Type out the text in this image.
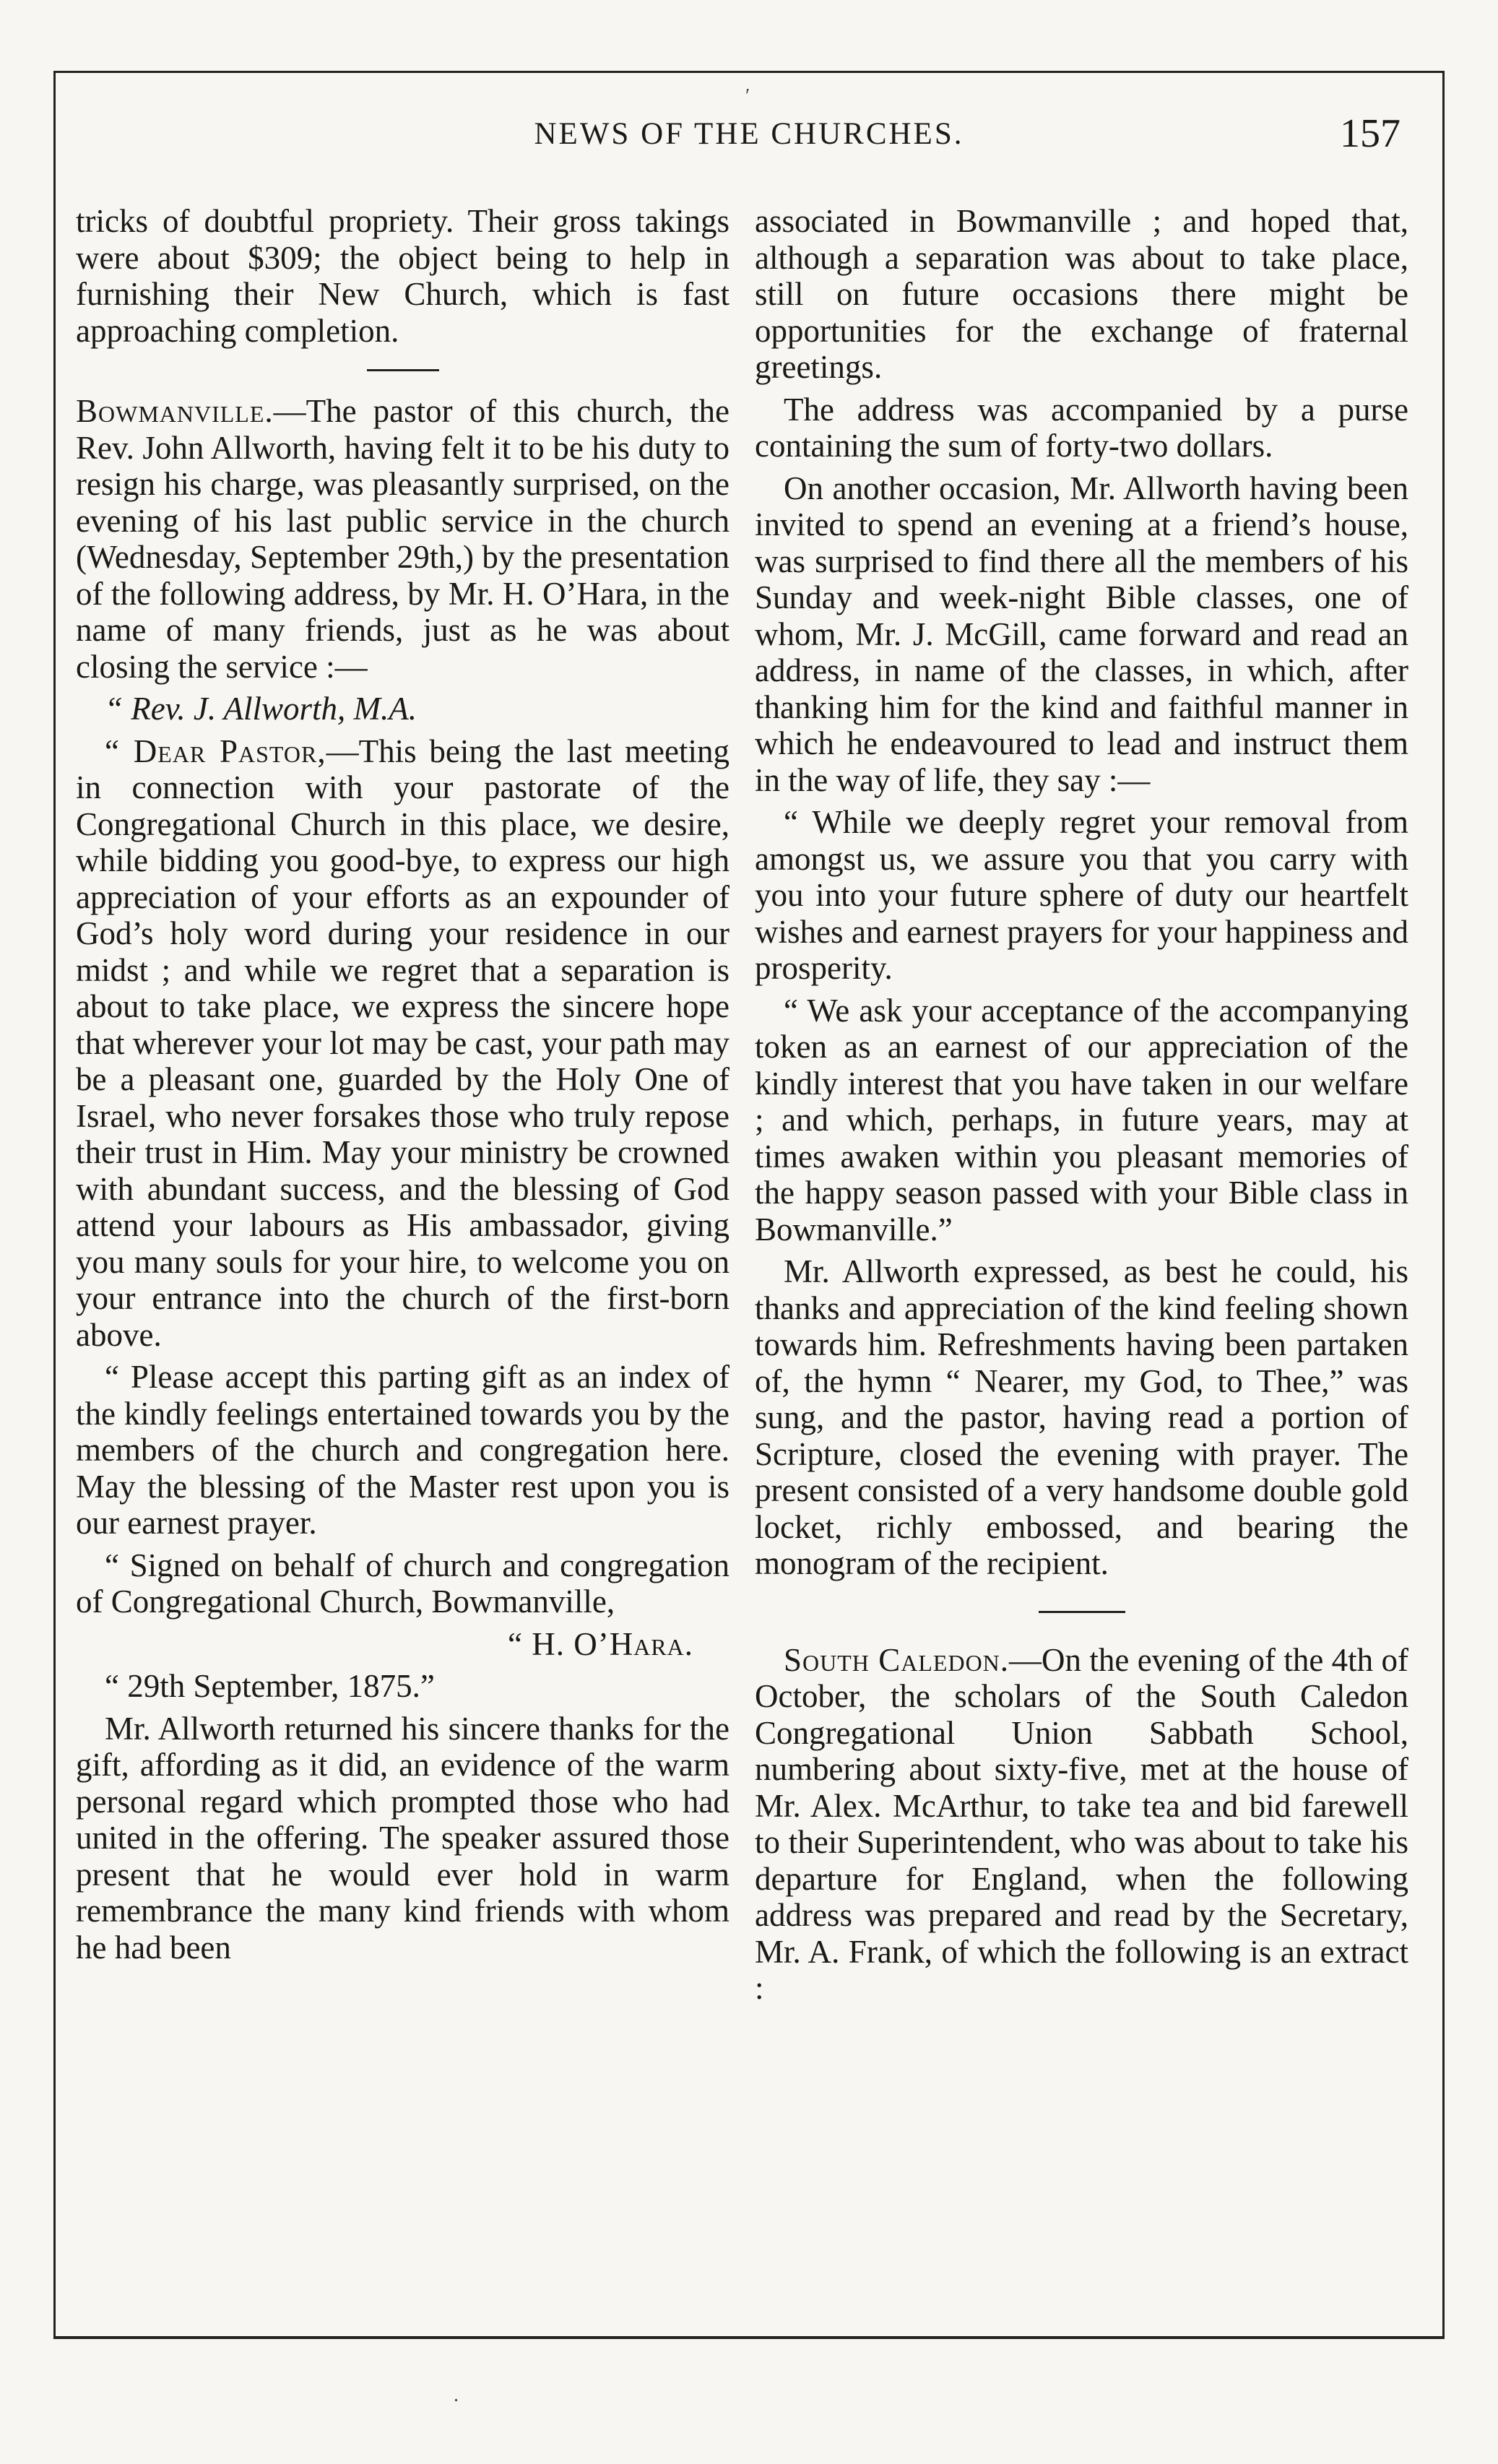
NEWS OF THE CHURCHES.	157

tricks of doubtful propriety. Their gross takings were about $309; the object being to help in furnishing their New Church, which is fast approaching completion.

Bowmanville.—The pastor of this church, the Rev. John Allworth, having felt it to be his duty to resign his charge, was pleasantly surprised, on the evening of his last public service in the church (Wednesday, September 29th,) by the presentation of the following address, by Mr. H. O’Hara, in the name of many friends, just as he was about closing the service :—

“ Rev. J. Allworth, M.A.

“ Dear Pastor,—This being the last meeting in connection with your pastorate of the Congregational Church in this place, we desire, while bidding you good-bye, to express our high appreciation of your efforts as an expounder of God’s holy word during your residence in our midst ; and while we regret that a separation is about to take place, we express the sincere hope that wherever your lot may be cast, your path may be a pleasant one, guarded by the Holy One of Israel, who never forsakes those who truly repose their trust in Him. May your ministry be crowned with abundant success, and the blessing of God attend your labours as His ambassador, giving you many souls for your hire, to welcome you on your entrance into the church of the first-born above.

“ Please accept this parting gift as an index of the kindly feelings entertained towards you by the members of the church and congregation here. May the blessing of the Master rest upon you is our earnest prayer.

“ Signed on behalf of church and congregation of Congregational Church, Bowmanville,

“ H. O’Hara.

“ 29th September, 1875.”

Mr. Allworth returned his sincere thanks for the gift, affording as it did, an evidence of the warm personal regard which prompted those who had united in the offering. The speaker assured those present that he would ever hold in warm remembrance the many kind friends with whom he had been

associated in Bowmanville ; and hoped that, although a separation was about to take place, still on future occasions there might be opportunities for the exchange of fraternal greetings.

The address was accompanied by a purse containing the sum of forty-two dollars.

On another occasion, Mr. Allworth having been invited to spend an evening at a friend’s house, was surprised to find there all the members of his Sunday and week-night Bible classes, one of whom, Mr. J. McGill, came forward and read an address, in name of the classes, in which, after thanking him for the kind and faithful manner in which he endeavoured to lead and instruct them in the way of life, they say :—

“ While we deeply regret your removal from amongst us, we assure you that you carry with you into your future sphere of duty our heartfelt wishes and earnest prayers for your happiness and prosperity.

“ We ask your acceptance of the accompanying token as an earnest of our appreciation of the kindly interest that you have taken in our welfare ; and which, perhaps, in future years, may at times awaken within you pleasant memories of the happy season passed with your Bible class in Bowmanville.”

Mr. Allworth expressed, as best he could, his thanks and appreciation of the kind feeling shown towards him. Refreshments having been partaken of, the hymn “ Nearer, my God, to Thee,” was sung, and the pastor, having read a portion of Scripture, closed the evening with prayer. The present consisted of a very handsome double gold locket, richly embossed, and bearing the monogram of the recipient.

South Caledon.—On the evening of the 4th of October, the scholars of the South Caledon Congregational Union Sabbath School, numbering about sixty-five, met at the house of Mr. Alex. McArthur, to take tea and bid farewell to their Superintendent, who was about to take his departure for England, when the following address was prepared and read by the Secretary, Mr. A. Frank, of which the following is an extract :

′
.
